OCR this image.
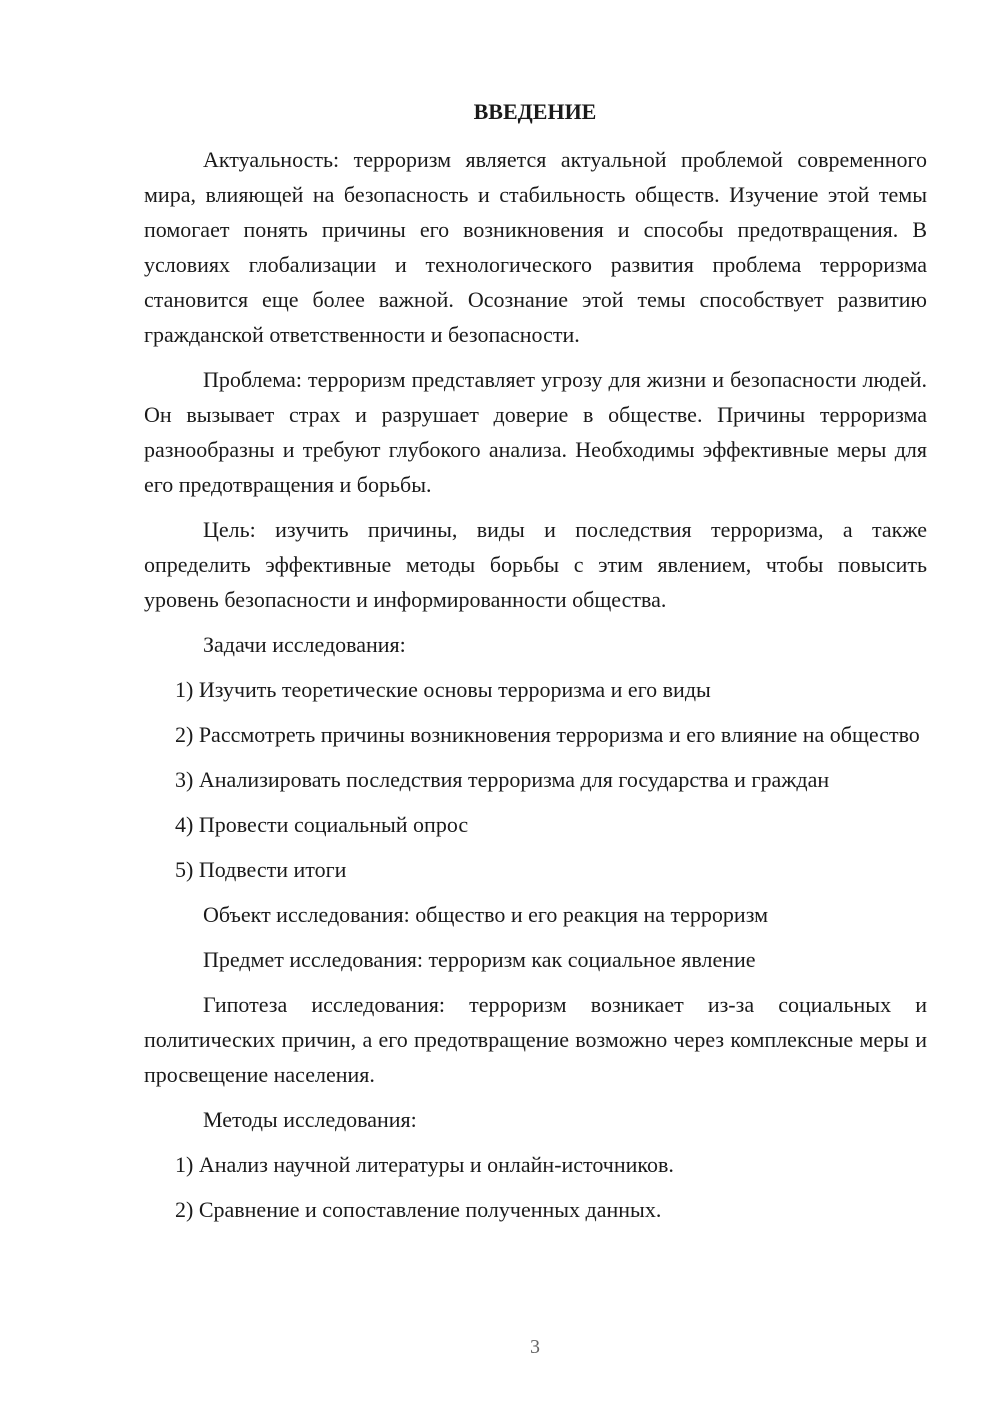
ВВЕДЕНИЕ

Актуальность: терроризм является актуальной проблемой современного мира, влияющей на безопасность и стабильность обществ. Изучение этой темы помогает понять причины его возникновения и способы предотвращения. В условиях глобализации и технологического развития проблема терроризма становится еще более важной. Осознание этой темы способствует развитию гражданской ответственности и безопасности.

Проблема: терроризм представляет угрозу для жизни и безопасности людей. Он вызывает страх и разрушает доверие в обществе. Причины терроризма разнообразны и требуют глубокого анализа. Необходимы эффективные меры для его предотвращения и борьбы.

Цель: изучить причины, виды и последствия терроризма, а также определить эффективные методы борьбы с этим явлением, чтобы повысить уровень безопасности и информированности общества.

Задачи исследования:

1) Изучить теоретические основы терроризма и его виды

2) Рассмотреть причины возникновения терроризма и его влияние на общество

3) Анализировать последствия терроризма для государства и граждан

4) Провести социальный опрос

5) Подвести итоги

Объект исследования: общество и его реакция на терроризм

Предмет исследования: терроризм как социальное явление

Гипотеза исследования: терроризм возникает из-за социальных и политических причин, а его предотвращение возможно через комплексные меры и просвещение населения.

Методы исследования:

1) Анализ научной литературы и онлайн-источников.

2) Сравнение и сопоставление полученных данных.

3
